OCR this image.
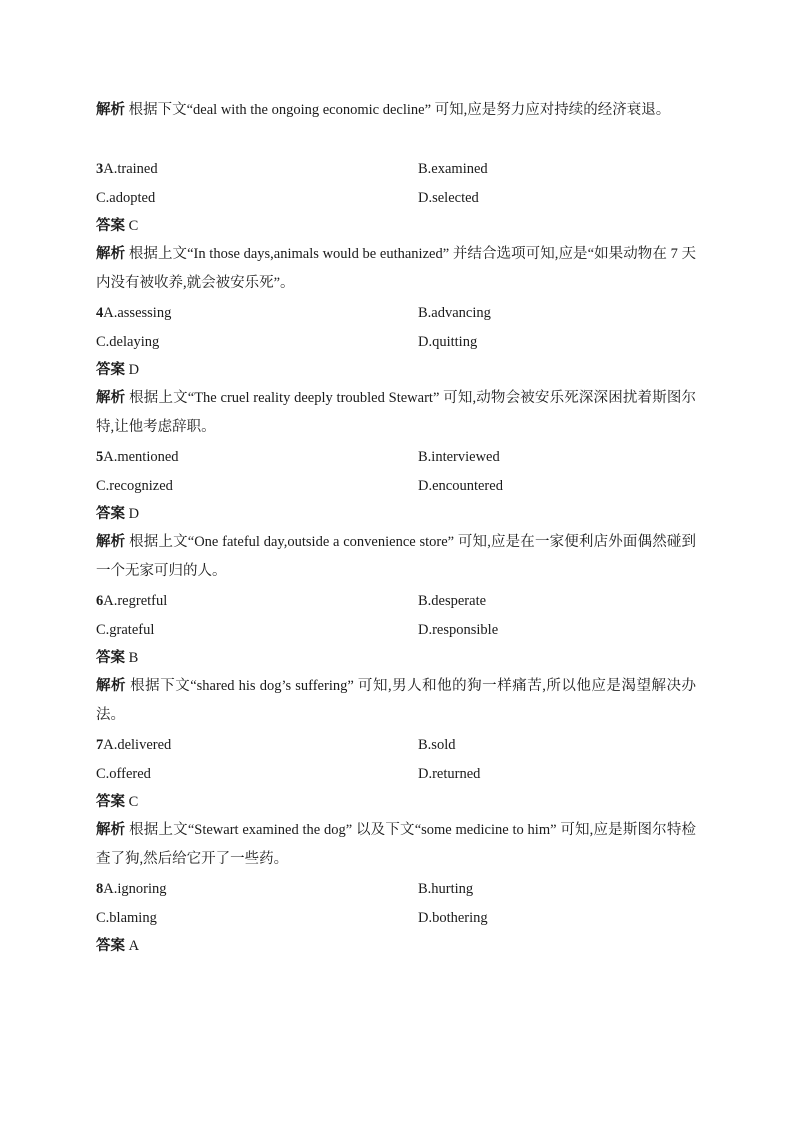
解析 根据下文“deal with the ongoing economic decline” 可知,应是努力应对持续的经济衰退。
3A.trained	B.examined
C.adopted	D.selected
答案 C
解析 根据上文“In those days,animals would be euthanized” 并结合选项可知,应是“如果动物在 7 天内没有被收养,就会被安乐死”。
4A.assessing	B.advancing
C.delaying	D.quitting
答案 D
解析 根据上文“The cruel reality deeply troubled Stewart” 可知,动物会被安乐死深深困扰着斯图尔特,让他考虑辞职。
5A.mentioned	B.interviewed
C.recognized	D.encountered
答案 D
解析 根据上文“One fateful day,outside a convenience store” 可知,应是在一家便利店外面偶然碰到一个无家可归的人。
6A.regretful	B.desperate
C.grateful	D.responsible
答案 B
解析 根据下文“shared his dog’s suffering” 可知,男人和他的狗一样痛苦,所以他应是渴望解决办法。
7A.delivered	B.sold
C.offered	D.returned
答案 C
解析 根据上文“Stewart examined the dog” 以及下文“some medicine to him” 可知,应是斯图尔特检查了狗,然后给它开了一些药。
8A.ignoring	B.hurting
C.blaming	D.bothering
答案 A
